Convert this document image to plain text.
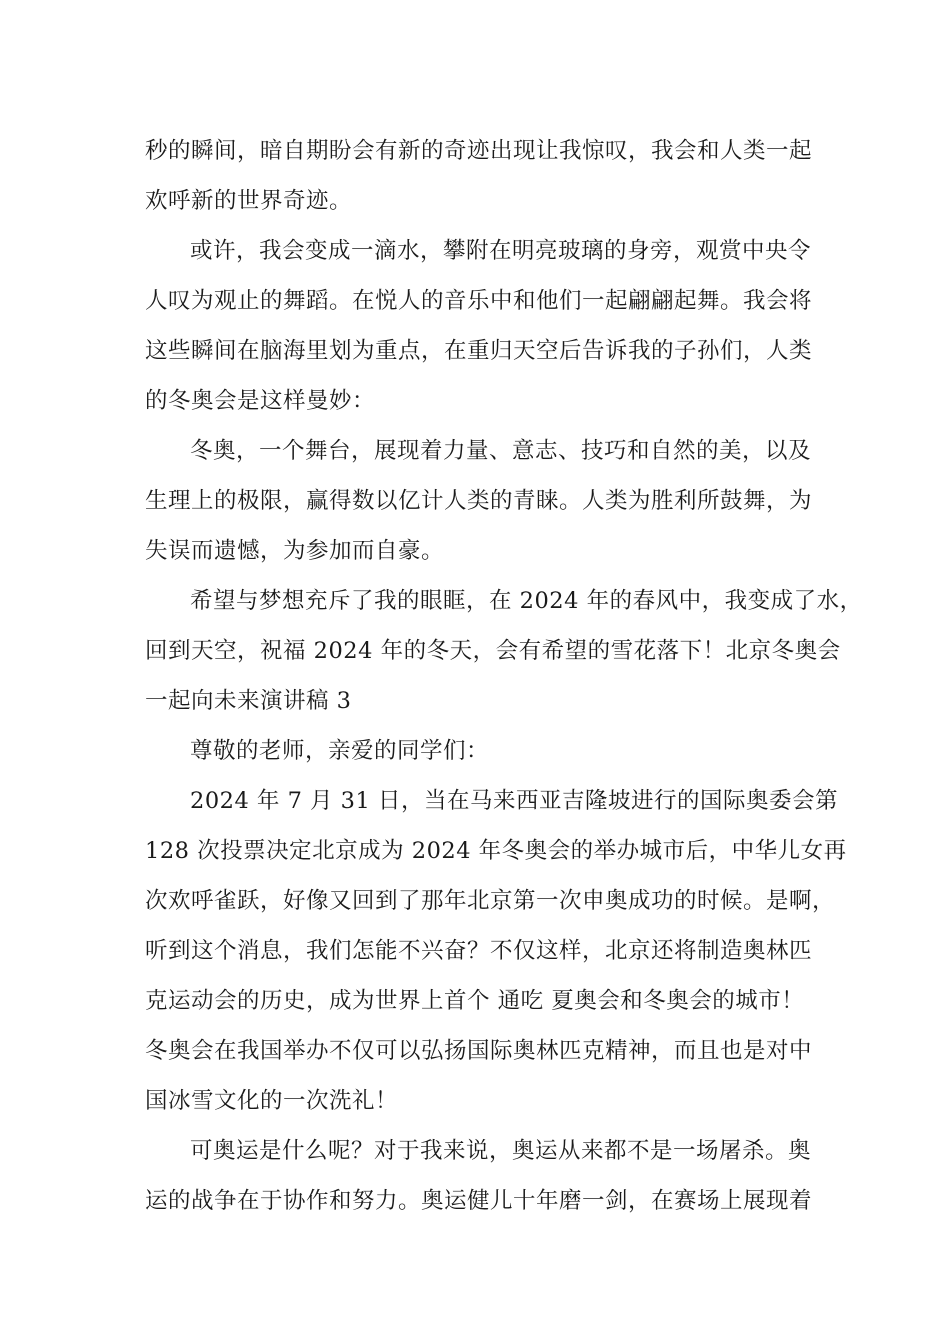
秒的瞬间，暗自期盼会有新的奇迹出现让我惊叹，我会和人类一起
欢呼新的世界奇迹。
或许，我会变成一滴水，攀附在明亮玻璃的身旁，观赏中央令
人叹为观止的舞蹈。在悦人的音乐中和他们一起翩翩起舞。我会将
这些瞬间在脑海里划为重点，在重归天空后告诉我的子孙们，人类
的冬奥会是这样曼妙：
冬奥，一个舞台，展现着力量、意志、技巧和自然的美，以及
生理上的极限，赢得数以亿计人类的青睐。人类为胜利所鼓舞，为
失误而遗憾，为参加而自豪。
希望与梦想充斥了我的眼眶，在 2024 年的春风中，我变成了水，
回到天空，祝福 2024 年的冬天，会有希望的雪花落下！北京冬奥会
一起向未来演讲稿 3
尊敬的老师，亲爱的同学们：
2024 年 7 月 31 日，当在马来西亚吉隆坡进行的国际奥委会第
128 次投票决定北京成为 2024 年冬奥会的举办城市后，中华儿女再
次欢呼雀跃，好像又回到了那年北京第一次申奥成功的时候。是啊，
听到这个消息，我们怎能不兴奋？不仅这样，北京还将制造奥林匹
克运动会的历史，成为世界上首个 通吃 夏奥会和冬奥会的城市！
冬奥会在我国举办不仅可以弘扬国际奥林匹克精神，而且也是对中
国冰雪文化的一次洗礼！
可奥运是什么呢？对于我来说，奥运从来都不是一场屠杀。奥
运的战争在于协作和努力。奥运健儿十年磨一剑，在赛场上展现着
